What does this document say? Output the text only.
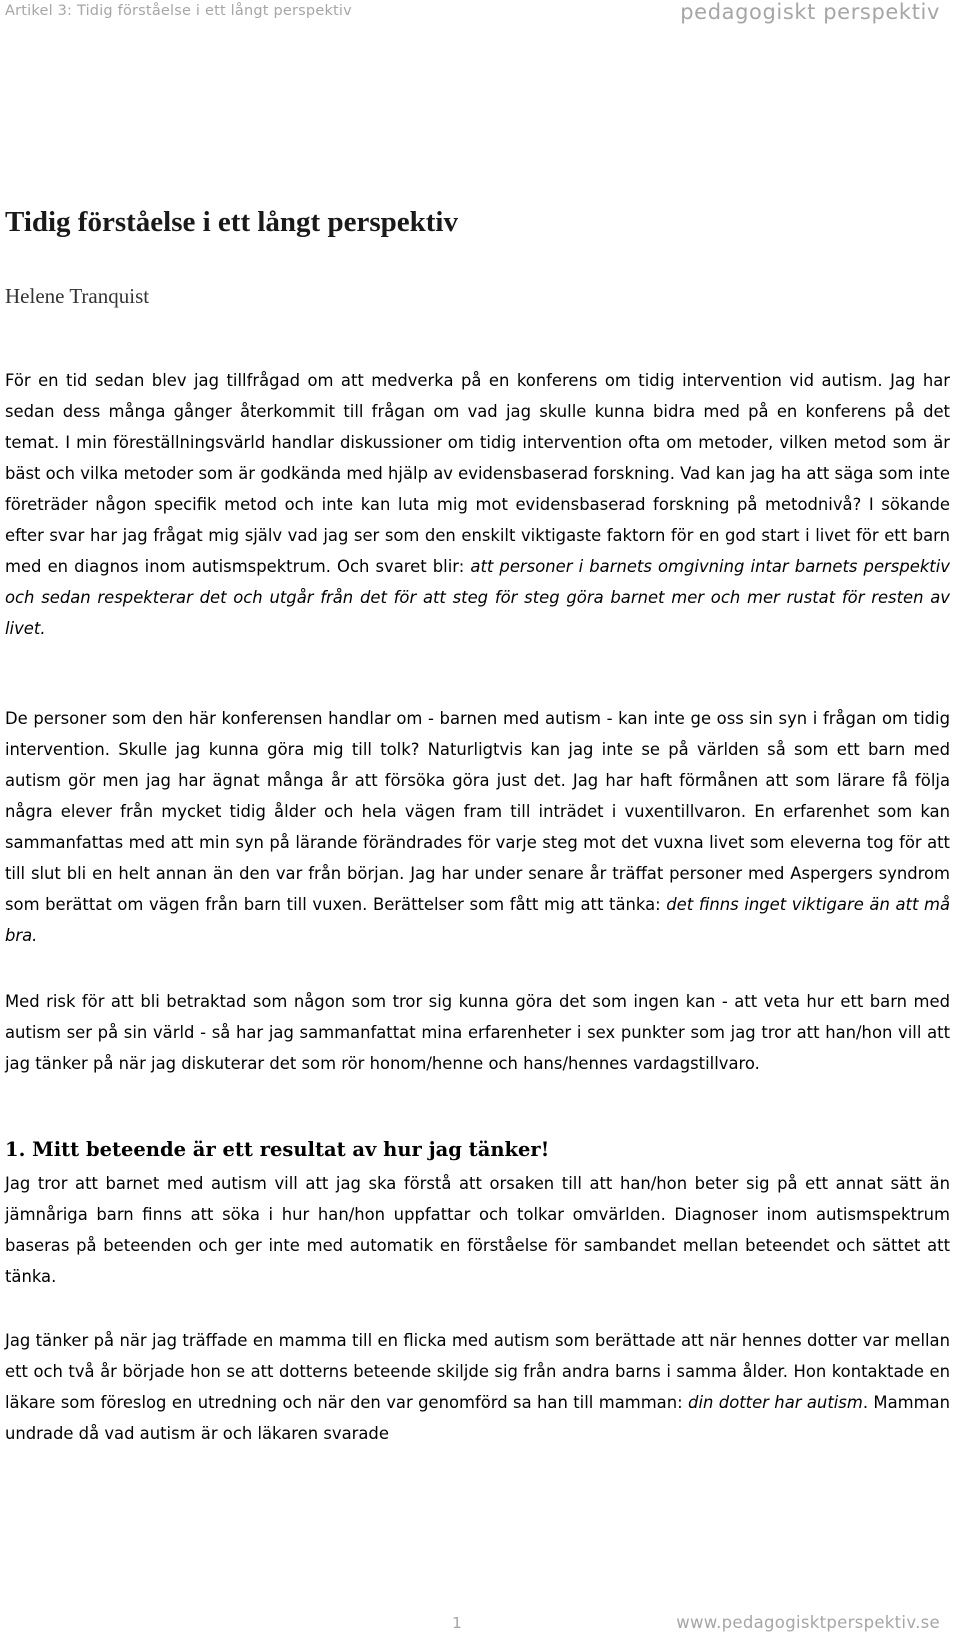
Artikel 3: Tidig förståelse i ett långt perspektiv	pedagogiskt perspektiv
Tidig förståelse i ett långt perspektiv
Helene Tranquist

För en tid sedan blev jag tillfrågad om att medverka på en konferens om tidig intervention vid autism. Jag har sedan dess många gånger återkommit till frågan om vad jag skulle kunna bidra med på en konferens på det temat. I min föreställningsvärld handlar diskussioner om tidig intervention ofta om metoder, vilken metod som är bäst och vilka metoder som är godkända med hjälp av evidensbaserad forskning. Vad kan jag ha att säga som inte företräder någon specifik metod och inte kan luta mig mot evidensbaserad forskning på metodnivå? I sökande efter svar har jag frågat mig själv vad jag ser som den enskilt viktigaste faktorn för en god start i livet för ett barn med en diagnos inom autismspektrum. Och svaret blir: att personer i barnets omgivning intar barnets perspektiv och sedan respekterar det och utgår från det för att steg för steg göra barnet mer och mer rustat för resten av livet.

De personer som den här konferensen handlar om - barnen med autism - kan inte ge oss sin syn i frågan om tidig intervention. Skulle jag kunna göra mig till tolk? Naturligtvis kan jag inte se på världen så som ett barn med autism gör men jag har ägnat många år att försöka göra just det. Jag har haft förmånen att som lärare få följa några elever från mycket tidig ålder och hela vägen fram till inträdet i vuxentillvaron. En erfarenhet som kan sammanfattas med att min syn på lärande förändrades för varje steg mot det vuxna livet som eleverna tog för att till slut bli en helt annan än den var från början. Jag har under senare år träffat personer med Aspergers syndrom som berättat om vägen från barn till vuxen. Berättelser som fått mig att tänka: det finns inget viktigare än att må bra.

Med risk för att bli betraktad som någon som tror sig kunna göra det som ingen kan - att veta hur ett barn med autism ser på sin värld - så har jag sammanfattat mina erfarenheter i sex punkter som jag tror att han/hon vill att jag tänker på när jag diskuterar det som rör honom/henne och hans/hennes vardagstillvaro.

1. Mitt beteende är ett resultat av hur jag tänker!

Jag tror att barnet med autism vill att jag ska förstå att orsaken till att han/hon beter sig på ett annat sätt än jämnåriga barn finns att söka i hur han/hon uppfattar och tolkar omvärlden. Diagnoser inom autismspektrum baseras på beteenden och ger inte med automatik en förståelse för sambandet mellan beteendet och sättet att tänka.

Jag tänker på när jag träffade en mamma till en flicka med autism som berättade att när hennes dotter var mellan ett och två år började hon se att dotterns beteende skiljde sig från andra barns i samma ålder. Hon kontaktade en läkare som föreslog en utredning och när den var genomförd sa han till mamman: din dotter har autism. Mamman undrade då vad autism är och läkaren svarade

1	www.pedagogisktperspektiv.se
